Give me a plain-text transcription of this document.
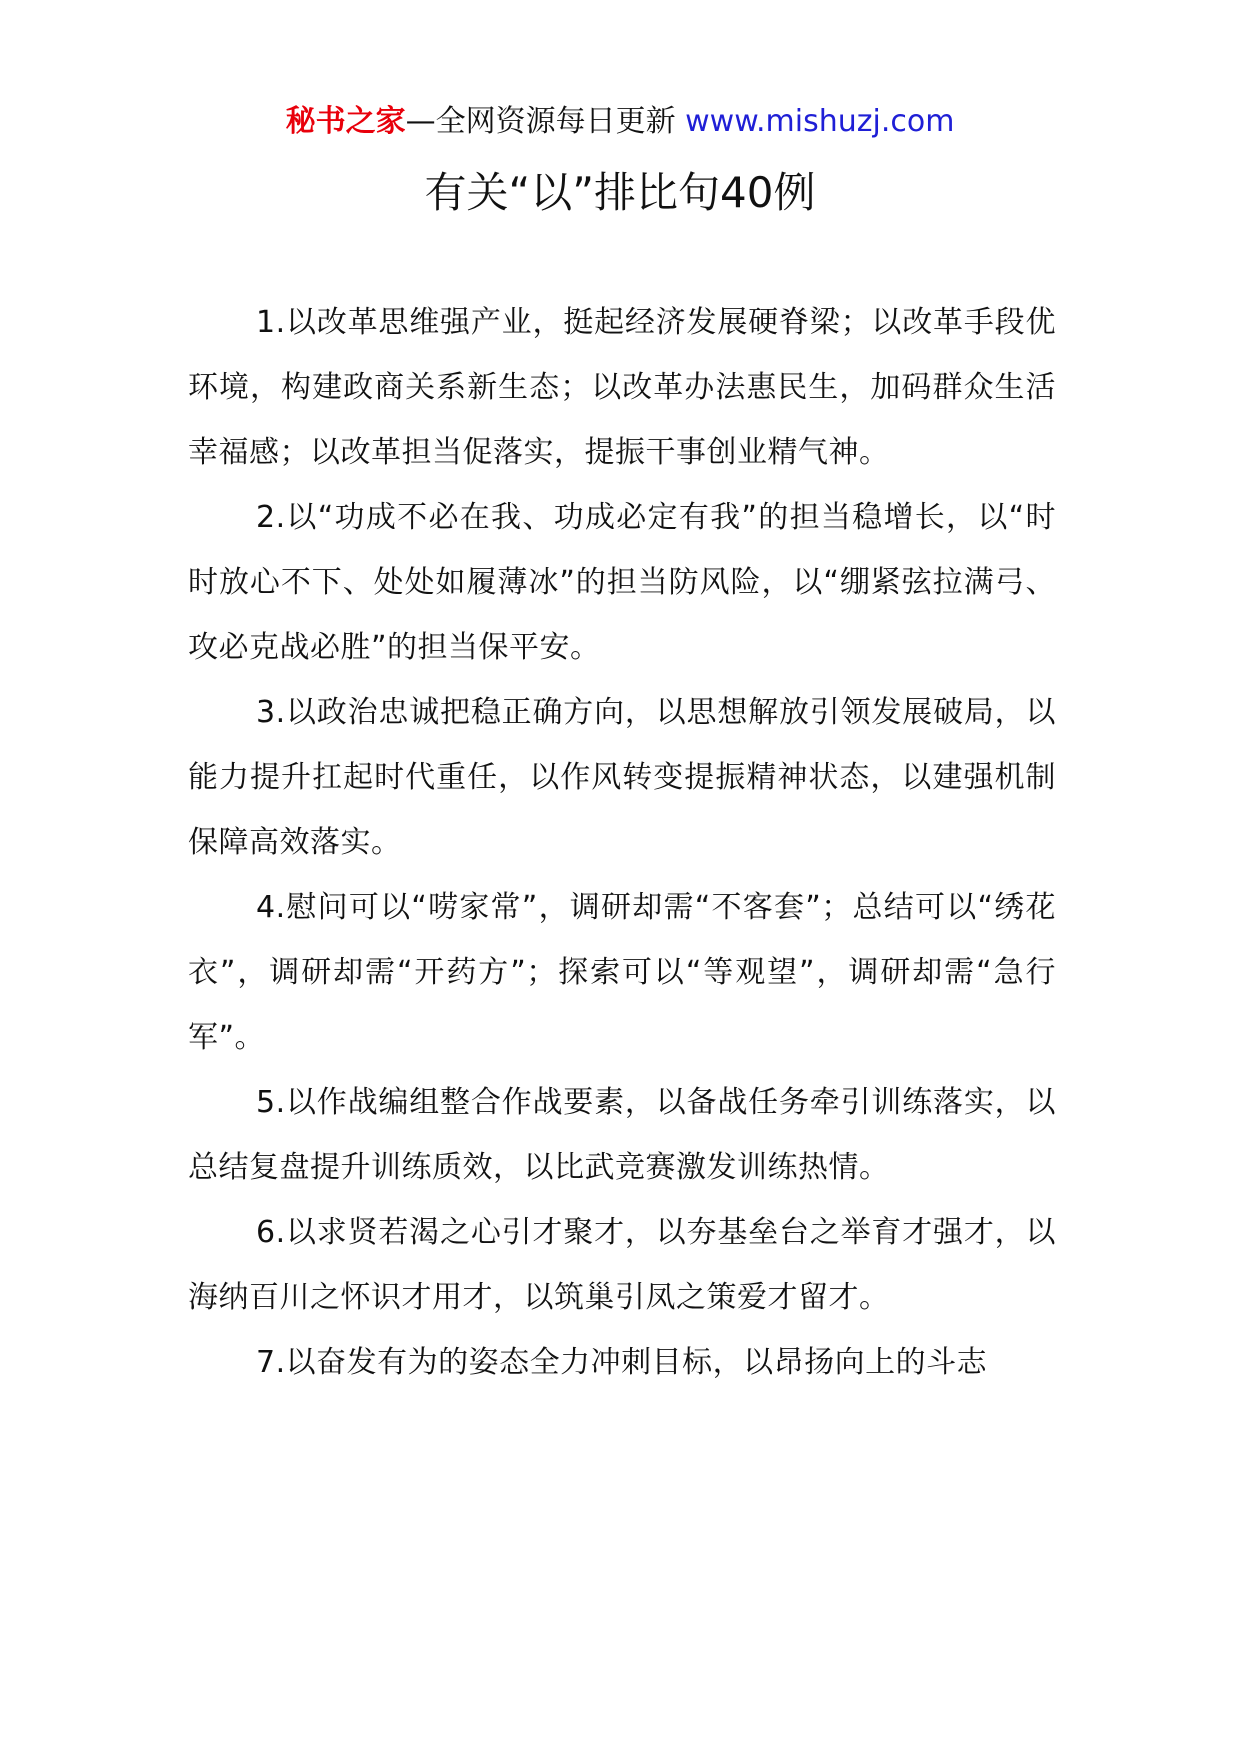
秘书之家—全网资源每日更新 www.mishuzj.com
有关“以”排比句40例

1.以改革思维强产业，挺起经济发展硬脊梁；以改革手段优环境，构建政商关系新生态；以改革办法惠民生，加码群众生活幸福感；以改革担当促落实，提振干事创业精气神。

2.以“功成不必在我、功成必定有我”的担当稳增长，以“时时放心不下、处处如履薄冰”的担当防风险，以“绷紧弦拉满弓、攻必克战必胜”的担当保平安。

3.以政治忠诚把稳正确方向，以思想解放引领发展破局，以能力提升扛起时代重任，以作风转变提振精神状态，以建强机制保障高效落实。

4.慰问可以“唠家常”，调研却需“不客套”；总结可以“绣花衣”，调研却需“开药方”；探索可以“等观望”，调研却需“急行军”。

5.以作战编组整合作战要素，以备战任务牵引训练落实，以总结复盘提升训练质效，以比武竞赛激发训练热情。

6.以求贤若渴之心引才聚才，以夯基垒台之举育才强才，以海纳百川之怀识才用才，以筑巢引凤之策爱才留才。

7.以奋发有为的姿态全力冲刺目标，以昂扬向上的斗志
